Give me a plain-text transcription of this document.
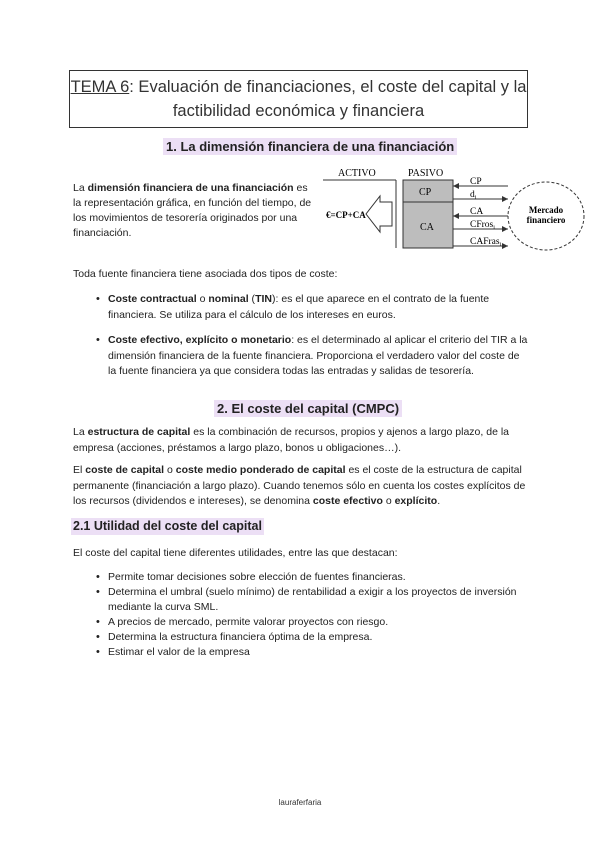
TEMA 6: Evaluación de financiaciones, el coste del capital y la factibilidad económica y financiera
1. La dimensión financiera de una financiación
La dimensión financiera de una financiación es la representación gráfica, en función del tiempo, de los movimientos de tesorería originados por una financiación.
ACTIVO	PASIVO
€=CP+CA
CP
CA
CP
$d_i$
CA
CFros$_i$
CAFras$_i$
Mercado
financiero
Toda fuente financiera tiene asociada dos tipos de coste:
• Coste contractual o nominal (TIN): es el que aparece en el contrato de la fuente financiera. Se utiliza para el cálculo de los intereses en euros.
• Coste efectivo, explícito o monetario: es el determinado al aplicar el criterio del TIR a la dimensión financiera de la fuente financiera. Proporciona el verdadero valor del coste de la fuente financiera ya que considera todas las entradas y salidas de tesorería.
2. El coste del capital (CMPC)
La estructura de capital es la combinación de recursos, propios y ajenos a largo plazo, de la empresa (acciones, préstamos a largo plazo, bonos u obligaciones…).
El coste de capital o coste medio ponderado de capital es el coste de la estructura de capital permanente (financiación a largo plazo). Cuando tenemos sólo en cuenta los costes explícitos de los recursos (dividendos e intereses), se denomina coste efectivo o explícito.
2.1 Utilidad del coste del capital
El coste del capital tiene diferentes utilidades, entre las que destacan:
• Permite tomar decisiones sobre elección de fuentes financieras.
• Determina el umbral (suelo mínimo) de rentabilidad a exigir a los proyectos de inversión mediante la curva SML.
• A precios de mercado, permite valorar proyectos con riesgo.
• Determina la estructura financiera óptima de la empresa.
• Estimar el valor de la empresa
lauraferfaria
